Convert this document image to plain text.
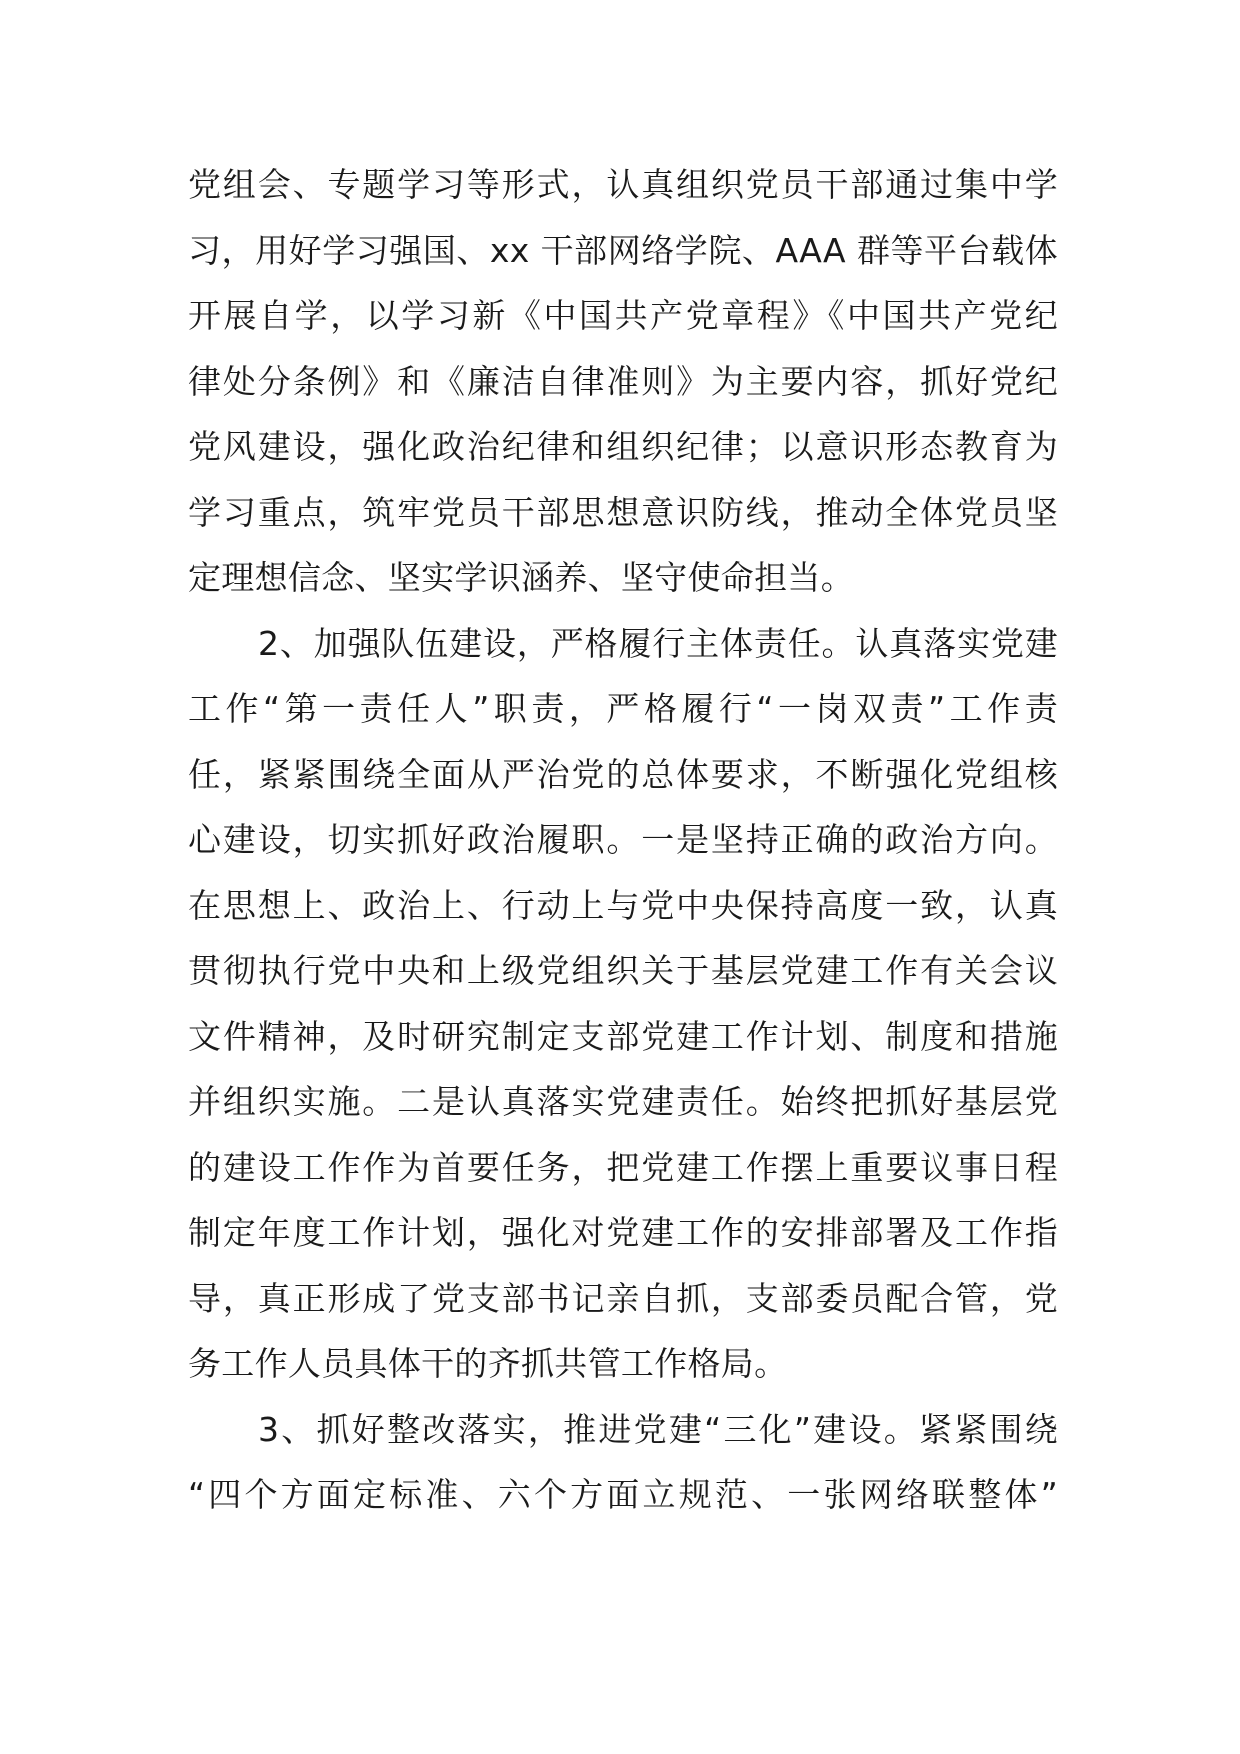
党组会、专题学习等形式，认真组织党员干部通过集中学
习，用好学习强国、xx 干部网络学院、AAA 群等平台载体
开展自学，以学习新《中国共产党章程》《中国共产党纪
律处分条例》和《廉洁自律准则》为主要内容，抓好党纪
党风建设，强化政治纪律和组织纪律；以意识形态教育为
学习重点，筑牢党员干部思想意识防线，推动全体党员坚
定理想信念、坚实学识涵养、坚守使命担当。
2、加强队伍建设，严格履行主体责任。认真落实党建
工作“第一责任人”职责，严格履行“一岗双责”工作责
任，紧紧围绕全面从严治党的总体要求，不断强化党组核
心建设，切实抓好政治履职。一是坚持正确的政治方向。
在思想上、政治上、行动上与党中央保持高度一致，认真
贯彻执行党中央和上级党组织关于基层党建工作有关会议
文件精神，及时研究制定支部党建工作计划、制度和措施
并组织实施。二是认真落实党建责任。始终把抓好基层党
的建设工作作为首要任务，把党建工作摆上重要议事日程
制定年度工作计划，强化对党建工作的安排部署及工作指
导，真正形成了党支部书记亲自抓，支部委员配合管，党
务工作人员具体干的齐抓共管工作格局。
3、抓好整改落实，推进党建“三化”建设。紧紧围绕
“四个方面定标准、六个方面立规范、一张网络联整体”
